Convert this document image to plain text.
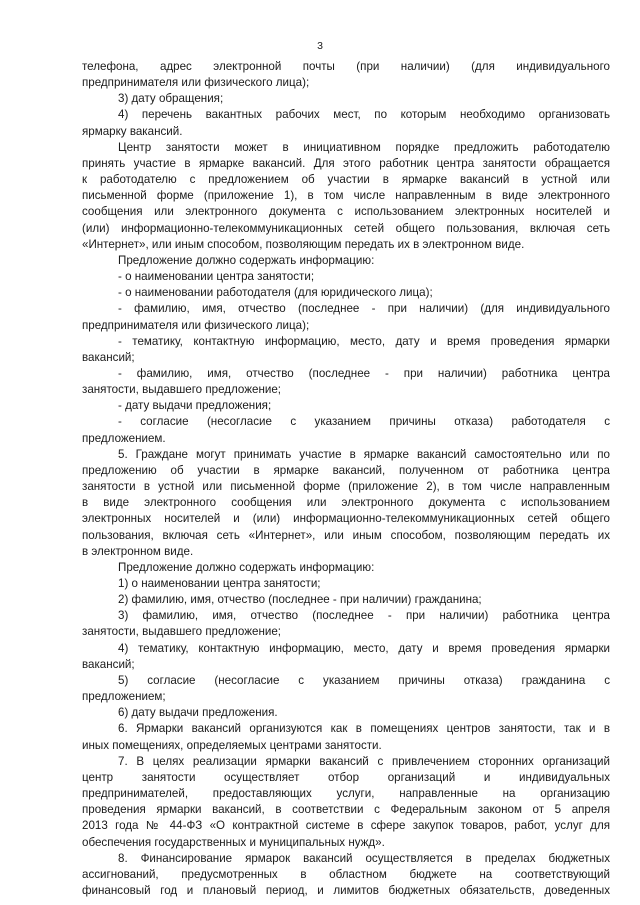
3
телефона, адрес электронной почты (при наличии) (для индивидуального
предпринимателя или физического лица);
3) дату обращения;
4) перечень вакантных рабочих мест, по которым необходимо организовать
ярмарку вакансий.
Центр занятости может в инициативном порядке предложить работодателю
принять участие в ярмарке вакансий. Для этого работник центра занятости обращается
к работодателю с предложением об участии в ярмарке вакансий в устной или
письменной форме (приложение 1), в том числе направленным в виде электронного
сообщения или электронного документа с использованием электронных носителей и
(или) информационно-телекоммуникационных сетей общего пользования, включая сеть
«Интернет», или иным способом, позволяющим передать их в электронном виде.
Предложение должно содержать информацию:
- о наименовании центра занятости;
- о наименовании работодателя (для юридического лица);
- фамилию, имя, отчество (последнее - при наличии) (для индивидуального
предпринимателя или физического лица);
- тематику, контактную информацию, место, дату и время проведения ярмарки
вакансий;
- фамилию, имя, отчество (последнее - при наличии) работника центра
занятости, выдавшего предложение;
- дату выдачи предложения;
- согласие (несогласие с указанием причины отказа) работодателя с
предложением.
5. Граждане могут принимать участие в ярмарке вакансий самостоятельно или по
предложению об участии в ярмарке вакансий, полученном от работника центра
занятости в устной или письменной форме (приложение 2), в том числе направленным
в виде электронного сообщения или электронного документа с использованием
электронных носителей и (или) информационно-телекоммуникационных сетей общего
пользования, включая сеть «Интернет», или иным способом, позволяющим передать их
в электронном виде.
Предложение должно содержать информацию:
1) о наименовании центра занятости;
2) фамилию, имя, отчество (последнее - при наличии) гражданина;
3) фамилию, имя, отчество (последнее - при наличии) работника центра
занятости, выдавшего предложение;
4) тематику, контактную информацию, место, дату и время проведения ярмарки
вакансий;
5) согласие (несогласие с указанием причины отказа) гражданина с
предложением;
6) дату выдачи предложения.
6. Ярмарки вакансий организуются как в помещениях центров занятости, так и в
иных помещениях, определяемых центрами занятости.
7. В целях реализации ярмарки вакансий с привлечением сторонних организаций
центр занятости осуществляет отбор организаций и индивидуальных
предпринимателей, предоставляющих услуги, направленные на организацию
проведения ярмарки вакансий, в соответствии с Федеральным законом от 5 апреля
2013 года № 44-ФЗ «О контрактной системе в сфере закупок товаров, работ, услуг для
обеспечения государственных и муниципальных нужд».
8. Финансирование ярмарок вакансий осуществляется в пределах бюджетных
ассигнований, предусмотренных в областном бюджете на соответствующий
финансовый год и плановый период, и лимитов бюджетных обязательств, доведенных
